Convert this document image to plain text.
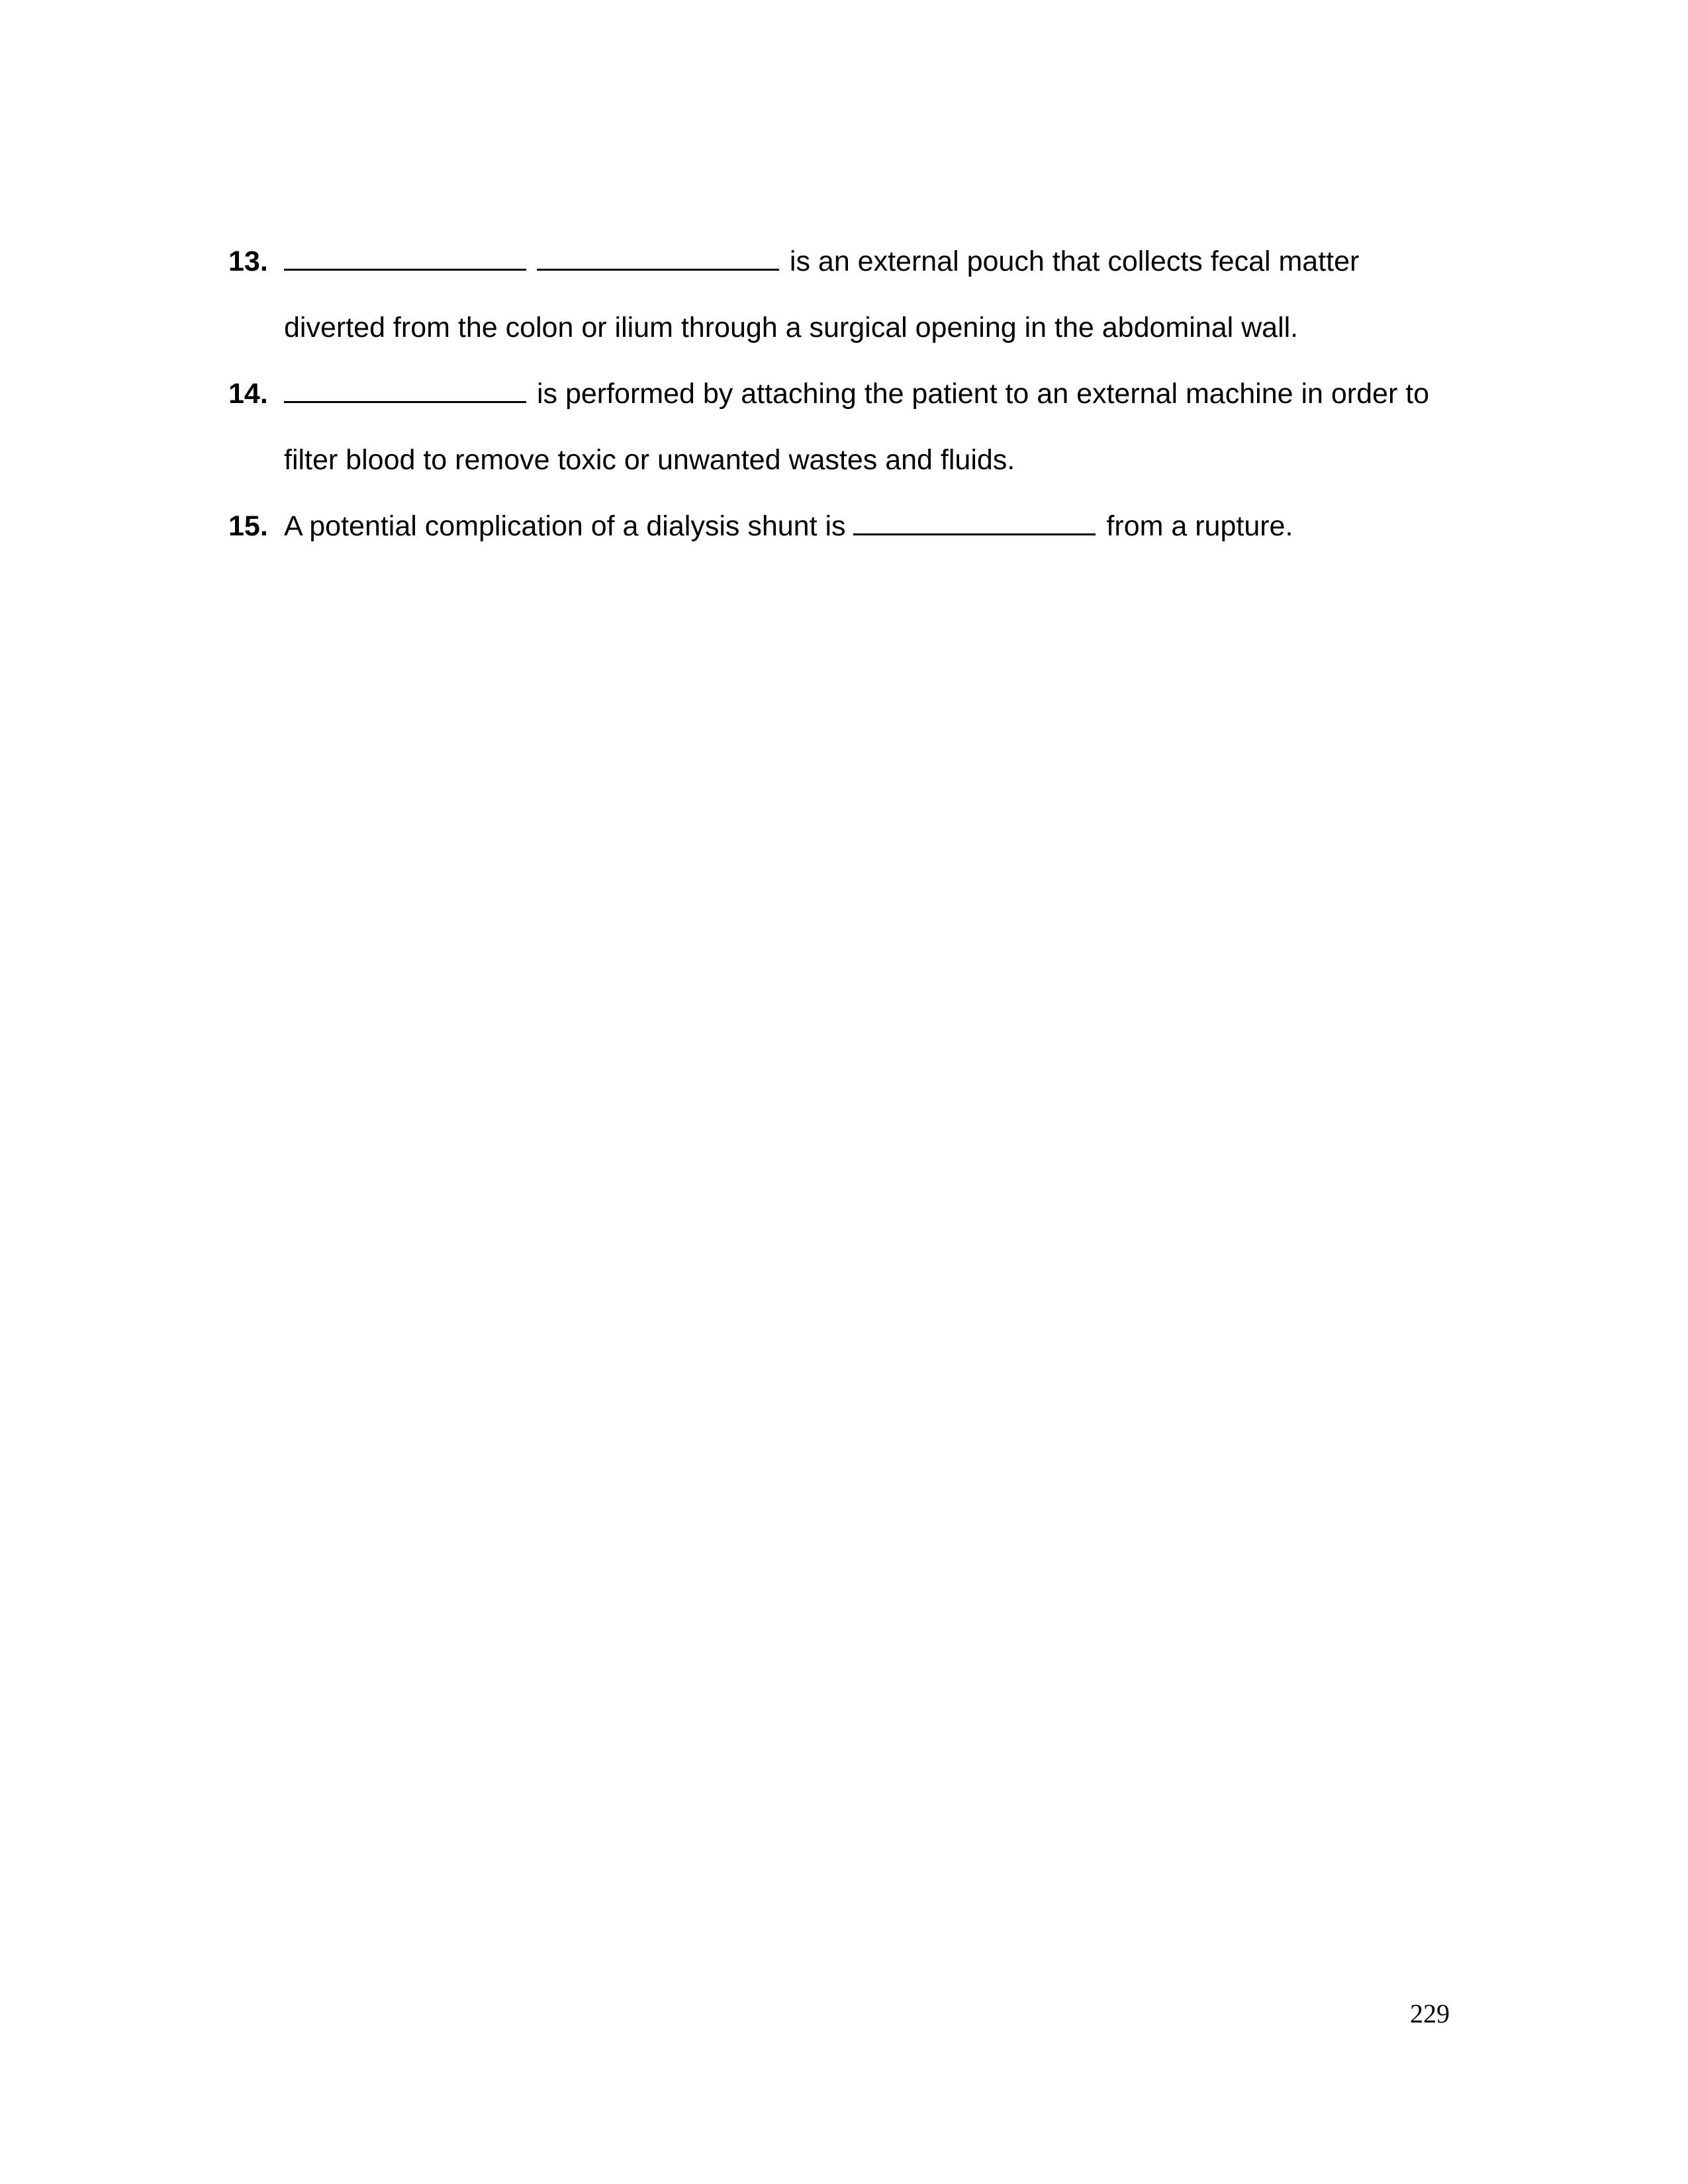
13.	is an external pouch that collects fecal matter
diverted from the colon or ilium through a surgical opening in the abdominal wall.
14.	is performed by attaching the patient to an external machine in order to
filter blood to remove toxic or unwanted wastes and fluids.
15. A potential complication of a dialysis shunt is	from a rupture.
229
